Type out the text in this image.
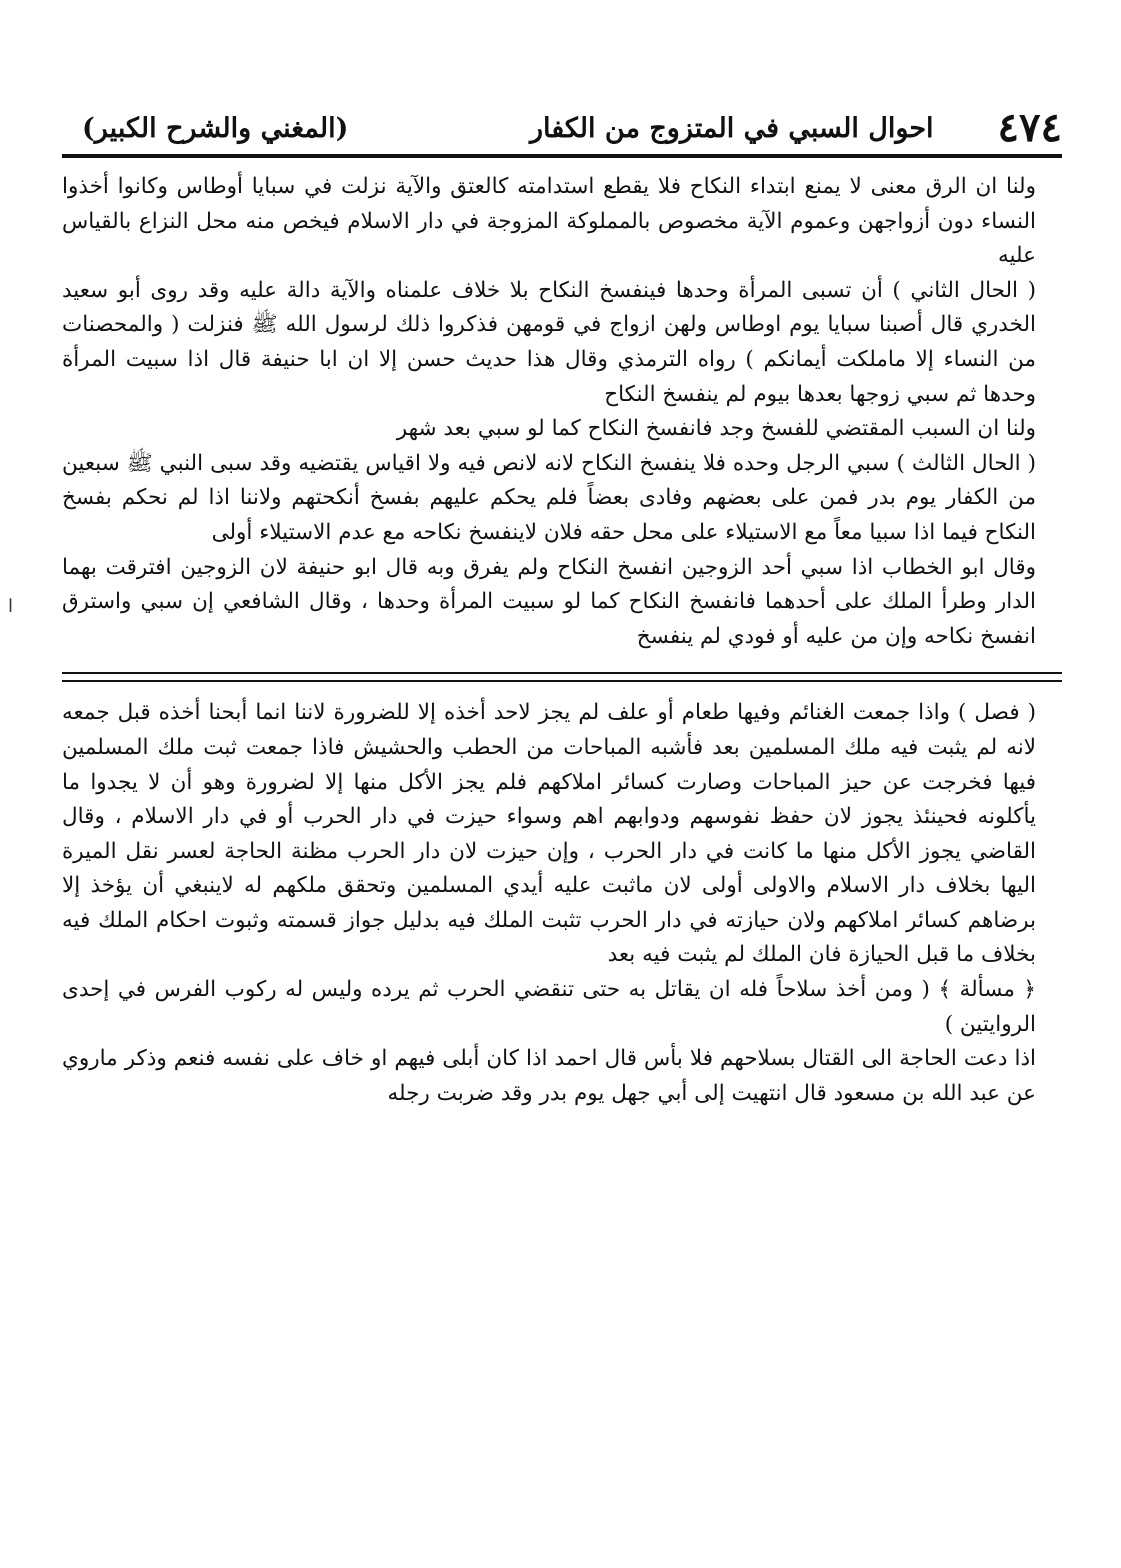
٤٧٤
احوال السبي في المتزوج من الكفار
(المغني والشرح الكبير)

ولنا ان الرق معنى لا يمنع ابتداء النكاح فلا يقطع استدامته كالعتق والآية نزلت في سبايا أوطاس وكانوا أخذوا النساء دون أزواجهن وعموم الآية مخصوص بالمملوكة المزوجة في دار الاسلام فيخص منه محل النزاع بالقياس عليه

( الحال الثاني ) أن تسبى المرأة وحدها فينفسخ النكاح بلا خلاف علمناه والآية دالة عليه وقد روى أبو سعيد الخدري قال أصبنا سبايا يوم اوطاس ولهن ازواج في قومهن فذكروا ذلك لرسول الله ﷺ فنزلت ( والمحصنات من النساء إلا ماملكت أيمانكم ) رواه الترمذي وقال هذا حديث حسن إلا ان ابا حنيفة قال اذا سبيت المرأة وحدها ثم سبي زوجها بعدها بيوم لم ينفسخ النكاح

ولنا ان السبب المقتضي للفسخ وجد فانفسخ النكاح كما لو سبي بعد شهر

( الحال الثالث ) سبي الرجل وحده فلا ينفسخ النكاح لانه لانص فيه ولا اقياس يقتضيه وقد سبى النبي ﷺ سبعين من الكفار يوم بدر فمن على بعضهم وفادى بعضاً فلم يحكم عليهم بفسخ أنكحتهم ولاننا اذا لم نحكم بفسخ النكاح فيما اذا سبيا معاً مع الاستيلاء على محل حقه فلان لاينفسخ نكاحه مع عدم الاستيلاء أولى

وقال ابو الخطاب اذا سبي أحد الزوجين انفسخ النكاح ولم يفرق وبه قال ابو حنيفة لان الزوجين افترقت بهما الدار وطرأ الملك على أحدهما فانفسخ النكاح كما لو سبيت المرأة وحدها ، وقال الشافعي إن سبي واسترق انفسخ نكاحه وإن من عليه أو فودي لم ينفسخ

( فصل ) واذا جمعت الغنائم وفيها طعام أو علف لم يجز لاحد أخذه إلا للضرورة لاننا انما أبحنا أخذه قبل جمعه لانه لم يثبت فيه ملك المسلمين بعد فأشبه المباحات من الحطب والحشيش فاذا جمعت ثبت ملك المسلمين فيها فخرجت عن حيز المباحات وصارت كسائر املاكهم فلم يجز الأكل منها إلا لضرورة وهو أن لا يجدوا ما يأكلونه فحينئذ يجوز لان حفظ نفوسهم ودوابهم اهم وسواء حيزت في دار الحرب أو في دار الاسلام ، وقال القاضي يجوز الأكل منها ما كانت في دار الحرب ، وإن حيزت لان دار الحرب مظنة الحاجة لعسر نقل الميرة اليها بخلاف دار الاسلام والاولى أولى لان ماثبت عليه أيدي المسلمين وتحقق ملكهم له لاينبغي أن يؤخذ إلا برضاهم كسائر املاكهم ولان حيازته في دار الحرب تثبت الملك فيه بدليل جواز قسمته وثبوت احكام الملك فيه بخلاف ما قبل الحيازة فان الملك لم يثبت فيه بعد

﴿ مسألة ﴾ ( ومن أخذ سلاحاً فله ان يقاتل به حتى تنقضي الحرب ثم يرده وليس له ركوب الفرس في إحدى الروايتين )

اذا دعت الحاجة الى القتال بسلاحهم فلا بأس قال احمد اذا كان أبلى فيهم او خاف على نفسه فنعم وذكر ماروي عن عبد الله بن مسعود قال انتهيت إلى أبي جهل يوم بدر وقد ضربت رجله

ا
